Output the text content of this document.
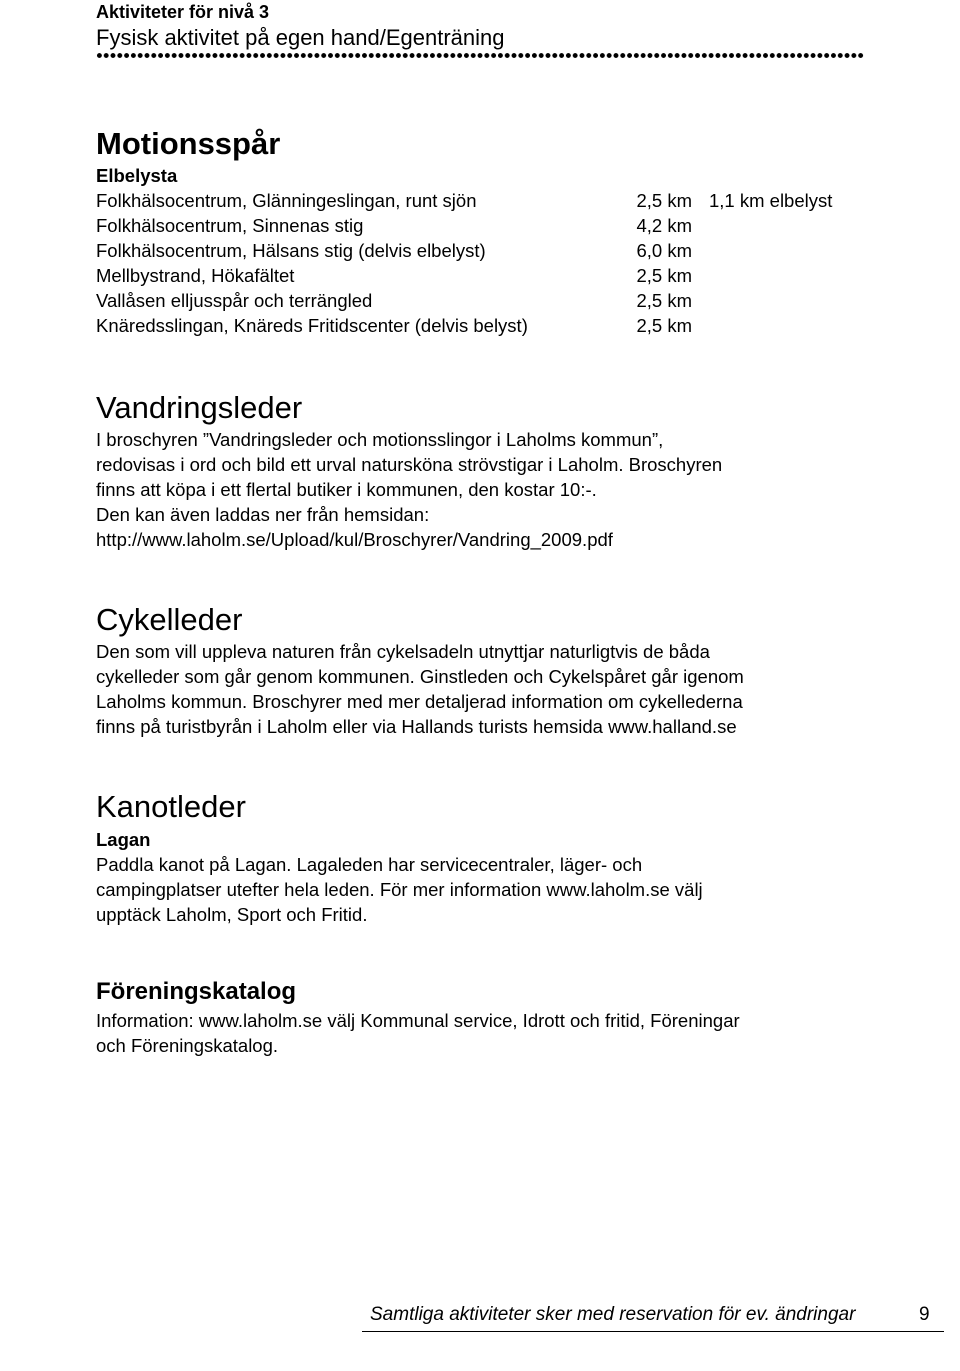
Aktiviteter för nivå 3
Fysisk aktivitet på egen hand/Egenträning
Motionsspår
Elbelysta
Folkhälsocentrum, Glänningeslingan, runt sjön	2,5 km 1,1 km elbelyst
Folkhälsocentrum, Sinnenas stig	4,2 km
Folkhälsocentrum, Hälsans stig (delvis elbelyst)	6,0 km
Mellbystrand, Hökafältet	2,5 km
Vallåsen elljusspår och terrängled	2,5 km
Knäredsslingan, Knäreds Fritidscenter (delvis belyst)	2,5 km
Vandringsleder
I broschyren ”Vandringsleder och motionsslingor i Laholms kommun”,
redovisas i ord och bild ett urval natursköna strövstigar i Laholm. Broschyren
finns att köpa i ett flertal butiker i kommunen, den kostar 10:-.
Den kan även laddas ner från hemsidan:
http://www.laholm.se/Upload/kul/Broschyrer/Vandring_2009.pdf
Cykelleder
Den som vill uppleva naturen från cykelsadeln utnyttjar naturligtvis de båda
cykelleder som går genom kommunen. Ginstleden och Cykelspåret går igenom
Laholms kommun. Broschyrer med mer detaljerad information om cykellederna
finns på turistbyrån i Laholm eller via Hallands turists hemsida www.halland.se
Kanotleder
Lagan
Paddla kanot på Lagan. Lagaleden har servicecentraler, läger- och
campingplatser utefter hela leden. För mer information www.laholm.se välj
upptäck Laholm, Sport och Fritid.
Föreningskatalog
Information: www.laholm.se välj Kommunal service, Idrott och fritid, Föreningar
och Föreningskatalog.
Samtliga aktiviteter sker med reservation för ev. ändringar	9
